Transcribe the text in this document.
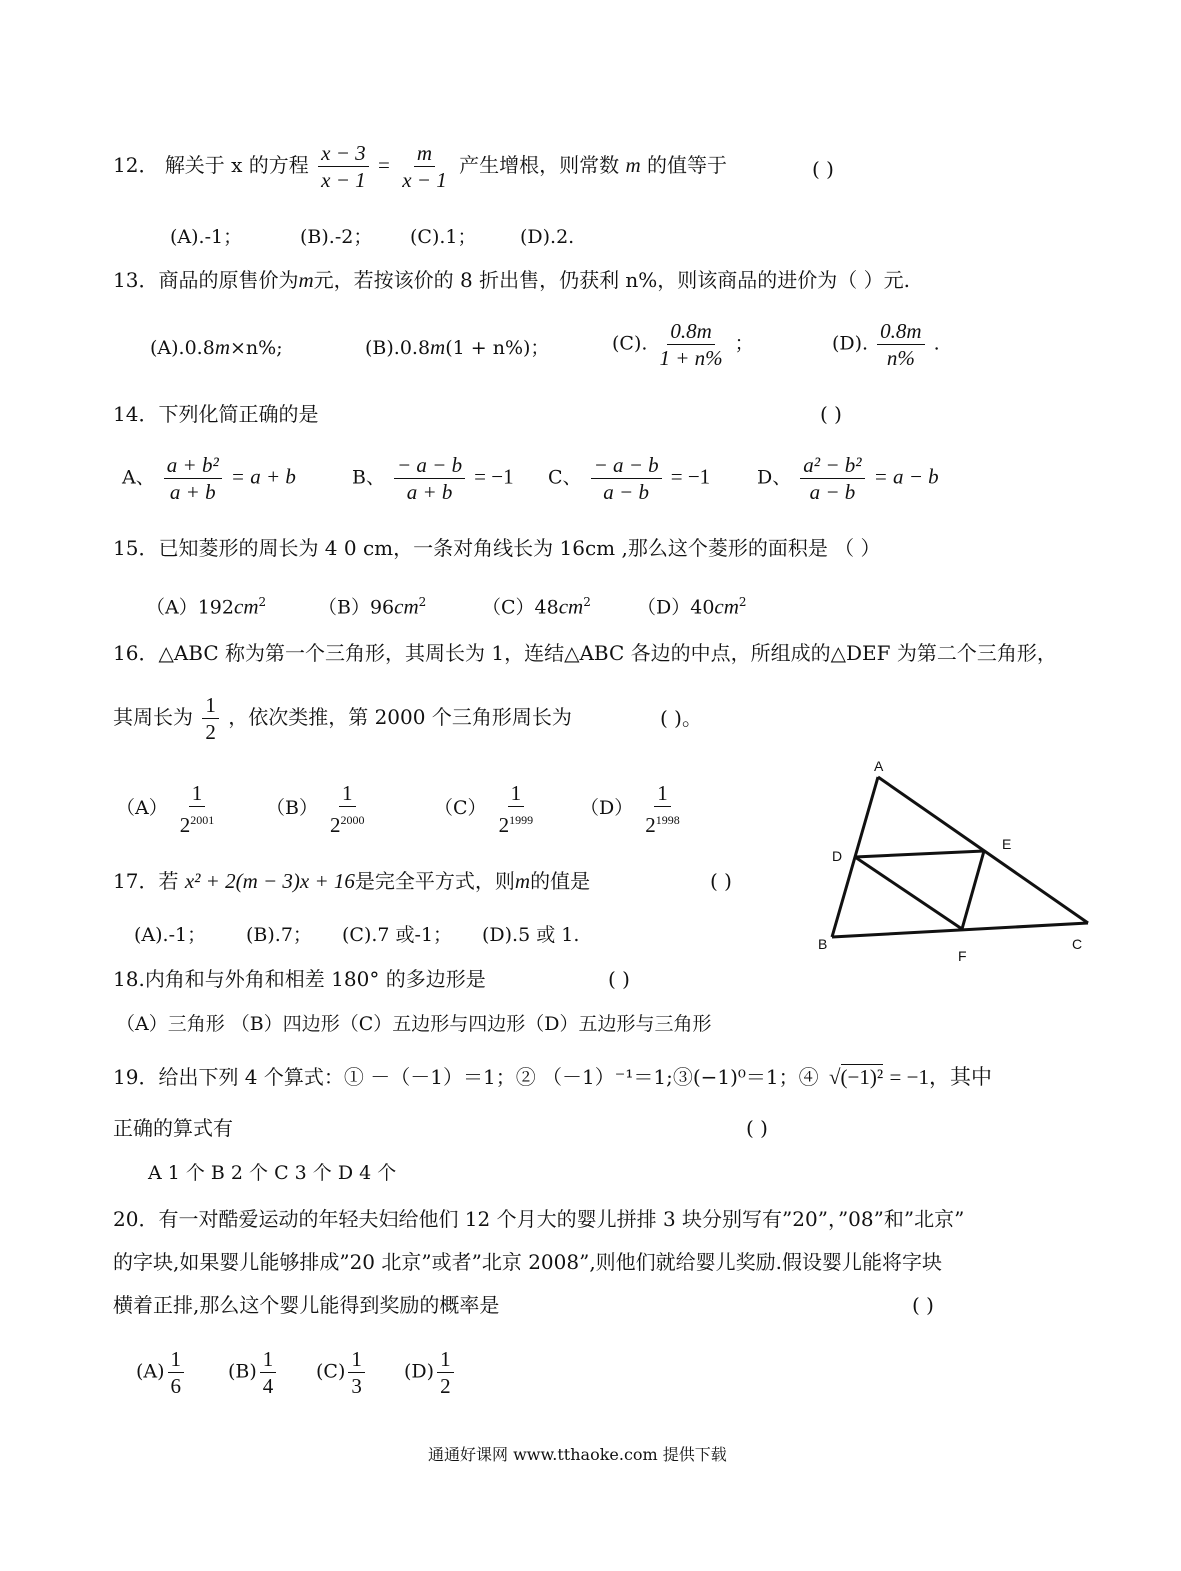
12． 解关于 x 的方程 $\frac{x - 3}{x - 1} = \frac{m}{x - 1}$ 产生增根，则常数 m 的值等于	( )
(A).-1；	(B).-2； (C).1； (D).2.
13．商品的原售价为m元，若按该价的 8 折出售，仍获利 n%，则该商品的进价为（ ）元.
(A).0.8m×n%;	(B).0.8m(1 + n%)；	(C). $\frac{0.8m}{1 + n\%}$ ；	(D). $\frac{0.8m}{n\%}$ .
14．下列化简正确的是	( )
A、 $\frac{\text{a + b²}}{a + b} = a + b$	B、 $\frac{- a - b}{a + b} = -1$ C、 $\frac{- a - b}{a - b} = -1$ D、 $\frac{\text{a² − b²}}{a - b} = a - b$
15．已知菱形的周长为 4 0 cm，一条对角线长为 16cm ,那么这个菱形的面积是 （ ）
$(A)192cm^2$	$(B)96cm^2$	$(C)48cm^2$ $(D)40cm^2$
16．△ABC 称为第一个三角形，其周长为 1，连结△ABC 各边的中点，所组成的△DEF 为第二个三角形，
其周长为 $\frac{1}{2}$ ，依次类推，第 2000 个三角形周长为	( )。
$(A) \frac{1}{2^{2001}}$	$(B) \frac{1}{2^{2000}}$	$(C) \frac{1}{2^{1999}} (D) \frac{1}{2^{1998}}$
A
B	C
D
E
F
17．若 x² + 2(m − 3)x + 16是完全平方式，则m的值是	( )
(A).-1； (B).7； (C).7 或-1； (D).5 或 1.
18.内角和与外角和相差 180° 的多边形是	( )
（A）三角形 （B）四边形（C）五边形与四边形（D）五边形与三角形
19．给出下列 4 个算式：① －（－1）＝1；② （－1）⁻¹＝1;③(−1)⁰＝1；④ √(−1)² = −1，其中
正确的算式有	( )
A 1 个 B 2 个 C 3 个 D 4 个
20．有一对酷爱运动的年轻夫妇给他们 12 个月大的婴儿拼排 3 块分别写有”20”，”08”和”北京”
的字块,如果婴儿能够排成”20 北京”或者”北京 2008”,则他们就给婴儿奖励.假设婴儿能将字块
横着正排,那么这个婴儿能得到奖励的概率是	( )
$(A) \frac{1}{6} (B) \frac{1}{4} (C) \frac{1}{3} (D) \frac{1}{2}$
通通好课网 www.tthaoke.com 提供下载
